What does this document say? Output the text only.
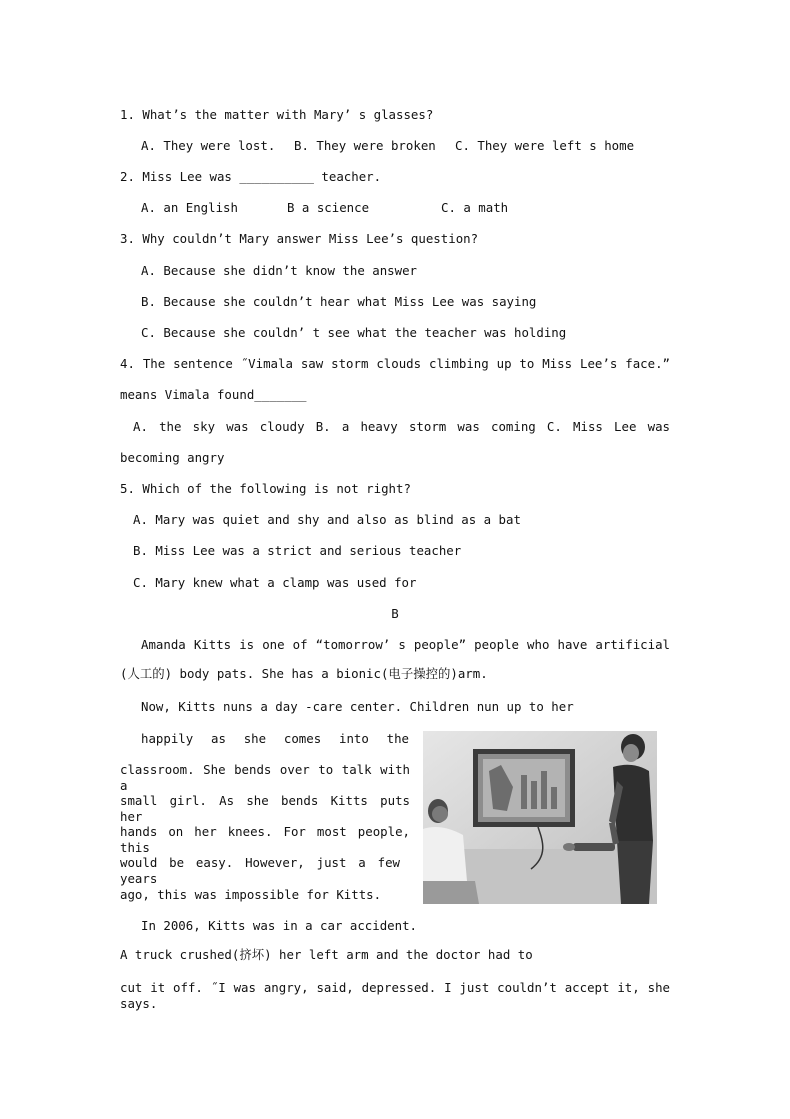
1. What’s the matter with Mary’ s glasses?
A. They were lost. B. They were broken C. They were left s home
2. Miss Lee was __________ teacher.
A. an English	B a science	C. a math
3. Why couldn’t Mary answer Miss Lee’s question?
A. Because she didn’t know the answer
B. Because she couldn’t hear what Miss Lee was saying
C. Because she couldn’ t see what the teacher was holding
4. The sentence ˝Vimala saw storm clouds climbing up to Miss Lee’s face.”
means Vimala found_______
A. the sky was cloudy B. a heavy storm was coming C. Miss Lee was
becoming angry
5. Which of the following is not right?
A. Mary was quiet and shy and also as blind as a bat
B. Miss Lee was a strict and serious teacher
C. Mary knew what a clamp was used for
B
Amanda Kitts is one of “tomorrow’ s people” people who have artificial
(人工的) body pats. She has a bionic(电子操控的)arm.
Now, Kitts nuns a day -care center. Children nun up to her
happily as she comes into the
classroom. She bends over to talk with a
small girl. As she bends Kitts puts her
hands on her knees. For most people, this
would be easy. However, just a few years
ago, this was impossible for Kitts.
In 2006, Kitts was in a car accident.
A truck crushed(挤坏) her left arm and the doctor had to
cut it off. ˝I was angry, said, depressed. I just couldn’t accept it, she says.
